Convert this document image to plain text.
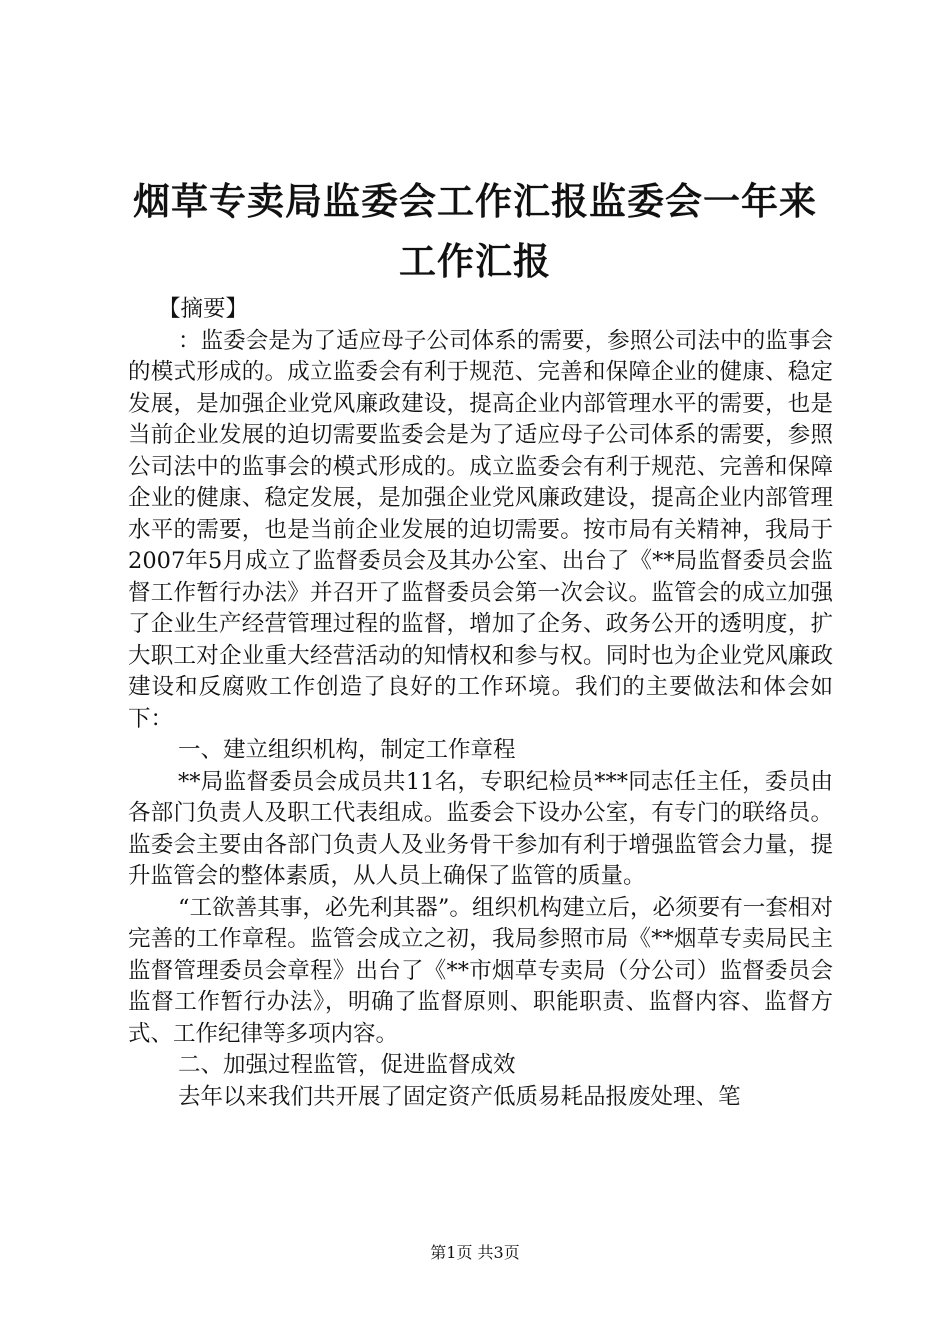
烟草专卖局监委会工作汇报监委会一年来工作汇报

【摘要】

：监委会是为了适应母子公司体系的需要，参照公司法中的监事会的模式形成的。成立监委会有利于规范、完善和保障企业的健康、稳定发展，是加强企业党风廉政建设，提高企业内部管理水平的需要，也是当前企业发展的迫切需要监委会是为了适应母子公司体系的需要，参照公司法中的监事会的模式形成的。成立监委会有利于规范、完善和保障企业的健康、稳定发展，是加强企业党风廉政建设，提高企业内部管理水平的需要，也是当前企业发展的迫切需要。按市局有关精神，我局于2007年5月成立了监督委员会及其办公室、出台了《**局监督委员会监督工作暂行办法》并召开了监督委员会第一次会议。监管会的成立加强了企业生产经营管理过程的监督，增加了企务、政务公开的透明度，扩大职工对企业重大经营活动的知情权和参与权。同时也为企业党风廉政建设和反腐败工作创造了良好的工作环境。我们的主要做法和体会如下：

一、建立组织机构，制定工作章程

**局监督委员会成员共11名，专职纪检员***同志任主任，委员由各部门负责人及职工代表组成。监委会下设办公室，有专门的联络员。监委会主要由各部门负责人及业务骨干参加有利于增强监管会力量，提升监管会的整体素质，从人员上确保了监管的质量。

“工欲善其事，必先利其器”。组织机构建立后，必须要有一套相对完善的工作章程。监管会成立之初，我局参照市局《**烟草专卖局民主监督管理委员会章程》出台了《**市烟草专卖局（分公司）监督委员会监督工作暂行办法》，明确了监督原则、职能职责、监督内容、监督方式、工作纪律等多项内容。

二、加强过程监管，促进监督成效

去年以来我们共开展了固定资产低质易耗品报废处理、笔

第1页 共3页
